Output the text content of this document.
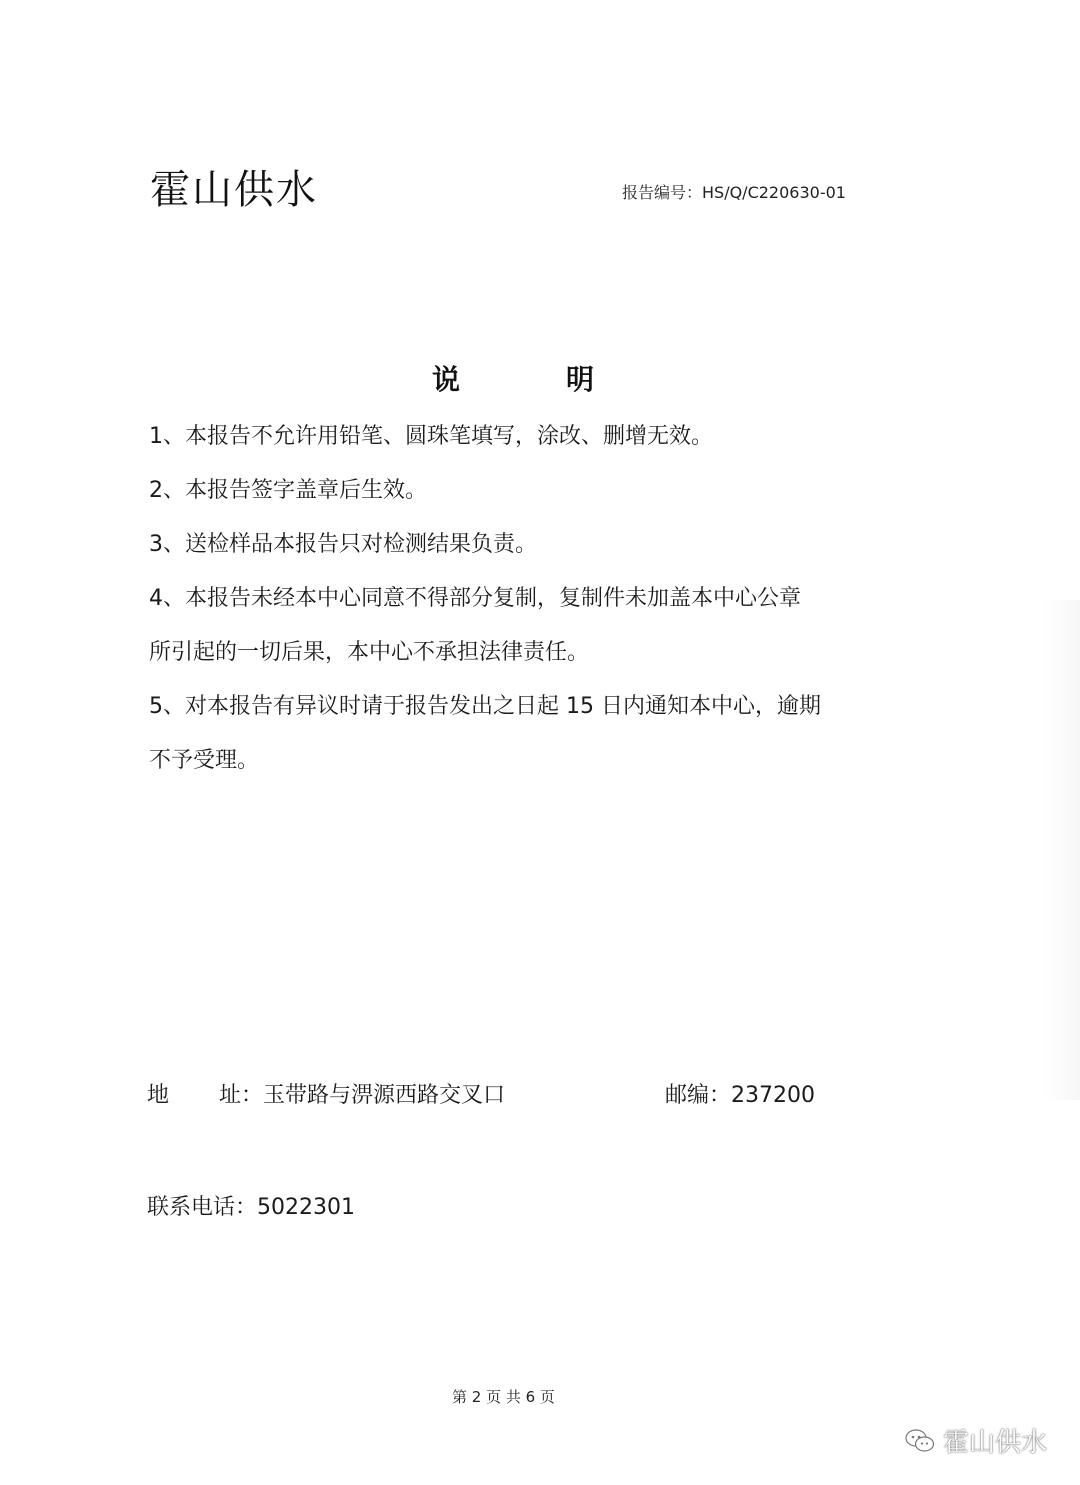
霍山供水	报告编号：HS/Q/C220630-01
说	明

1、本报告不允许用铅笔、圆珠笔填写，涂改、删增无效。

2、本报告签字盖章后生效。

3、送检样品本报告只对检测结果负责。

4、本报告未经本中心同意不得部分复制，复制件未加盖本中心公章

所引起的一切后果，本中心不承担法律责任。

5、对本报告有异议时请于报告发出之日起 15 日内通知本中心，逾期

不予受理。

地 址：玉带路与淠源西路交叉口	邮编：237200
联系电话：5022301
第 2 页 共 6 页
霍山供水
